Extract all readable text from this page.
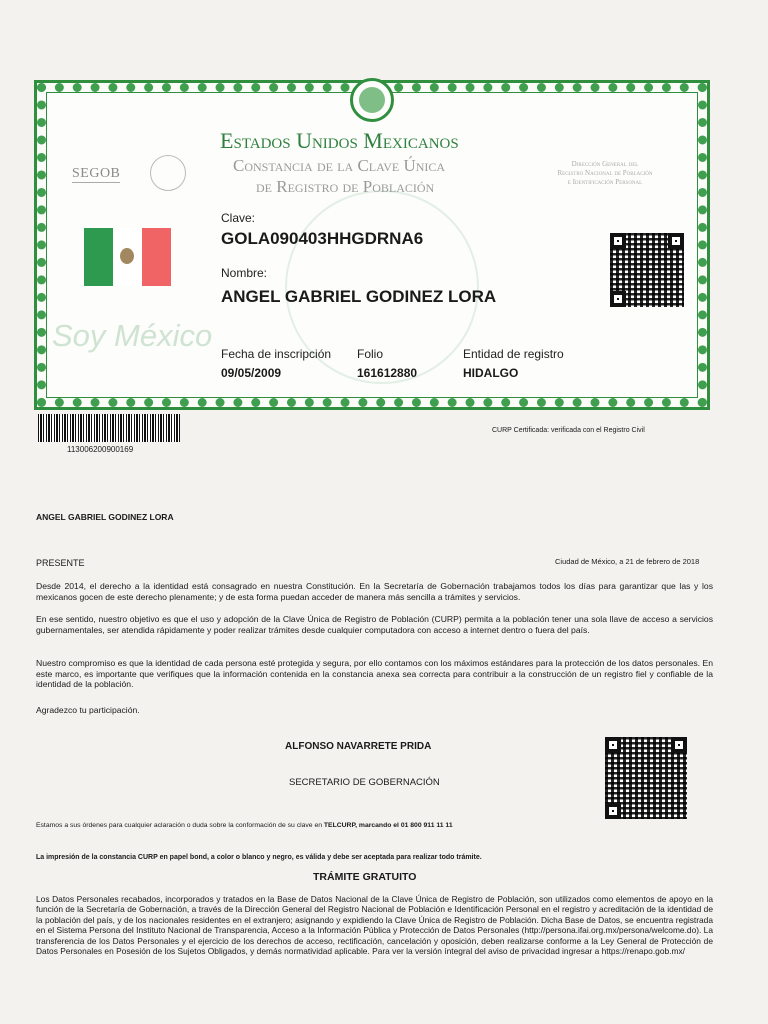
Estados Unidos Mexicanos
Constancia de la Clave Única
de Registro de Población
SEGOB
Dirección General del
Registro Nacional de Población
e Identificación Personal
Soy México
Clave:
GOLA090403HHGDRNA6
Nombre:
ANGEL GABRIEL GODINEZ LORA
Fecha de inscripción
09/05/2009
Folio
161612880
Entidad de registro
HIDALGO
113006200900169
CURP Certificada: verificada con el Registro Civil
ANGEL GABRIEL GODINEZ LORA
PRESENTE	Ciudad de México, a 21 de febrero de 2018
Desde 2014, el derecho a la identidad está consagrado en nuestra Constitución. En la Secretaría de Gobernación trabajamos todos los días para garantizar que las y los mexicanos gocen de este derecho plenamente; y de esta forma puedan acceder de manera más sencilla a trámites y servicios.
En ese sentido, nuestro objetivo es que el uso y adopción de la Clave Única de Registro de Población (CURP) permita a la población tener una sola llave de acceso a servicios gubernamentales, ser atendida rápidamente y poder realizar trámites desde cualquier computadora con acceso a internet dentro o fuera del país.
Nuestro compromiso es que la identidad de cada persona esté protegida y segura, por ello contamos con los máximos estándares para la protección de los datos personales. En este marco, es importante que verifiques que la información contenida en la constancia anexa sea correcta para contribuir a la construcción de un registro fiel y confiable de la identidad de la población.
Agradezco tu participación.
ALFONSO NAVARRETE PRIDA
SECRETARIO DE GOBERNACIÓN
Estamos a sus órdenes para cualquier aclaración o duda sobre la conformación de su clave en TELCURP, marcando el 01 800 911 11 11
La impresión de la constancia CURP en papel bond, a color o blanco y negro, es válida y debe ser aceptada para realizar todo trámite.
TRÁMITE GRATUITO
Los Datos Personales recabados, incorporados y tratados en la Base de Datos Nacional de la Clave Única de Registro de Población, son utilizados como elementos de apoyo en la función de la Secretaría de Gobernación, a través de la Dirección General del Registro Nacional de Población e Identificación Personal en el registro y acreditación de la identidad de la población del país, y de los nacionales residentes en el extranjero; asignando y expidiendo la Clave Única de Registro de Población. Dicha Base de Datos, se encuentra registrada en el Sistema Persona del Instituto Nacional de Transparencia, Acceso a la Información Pública y Protección de Datos Personales (http://persona.ifai.org.mx/persona/welcome.do). La transferencia de los Datos Personales y el ejercicio de los derechos de acceso, rectificación, cancelación y oposición, deben realizarse conforme a la Ley General de Protección de Datos Personales en Posesión de los Sujetos Obligados, y demás normatividad aplicable. Para ver la versión íntegral del aviso de privacidad ingresar a https://renapo.gob.mx/
